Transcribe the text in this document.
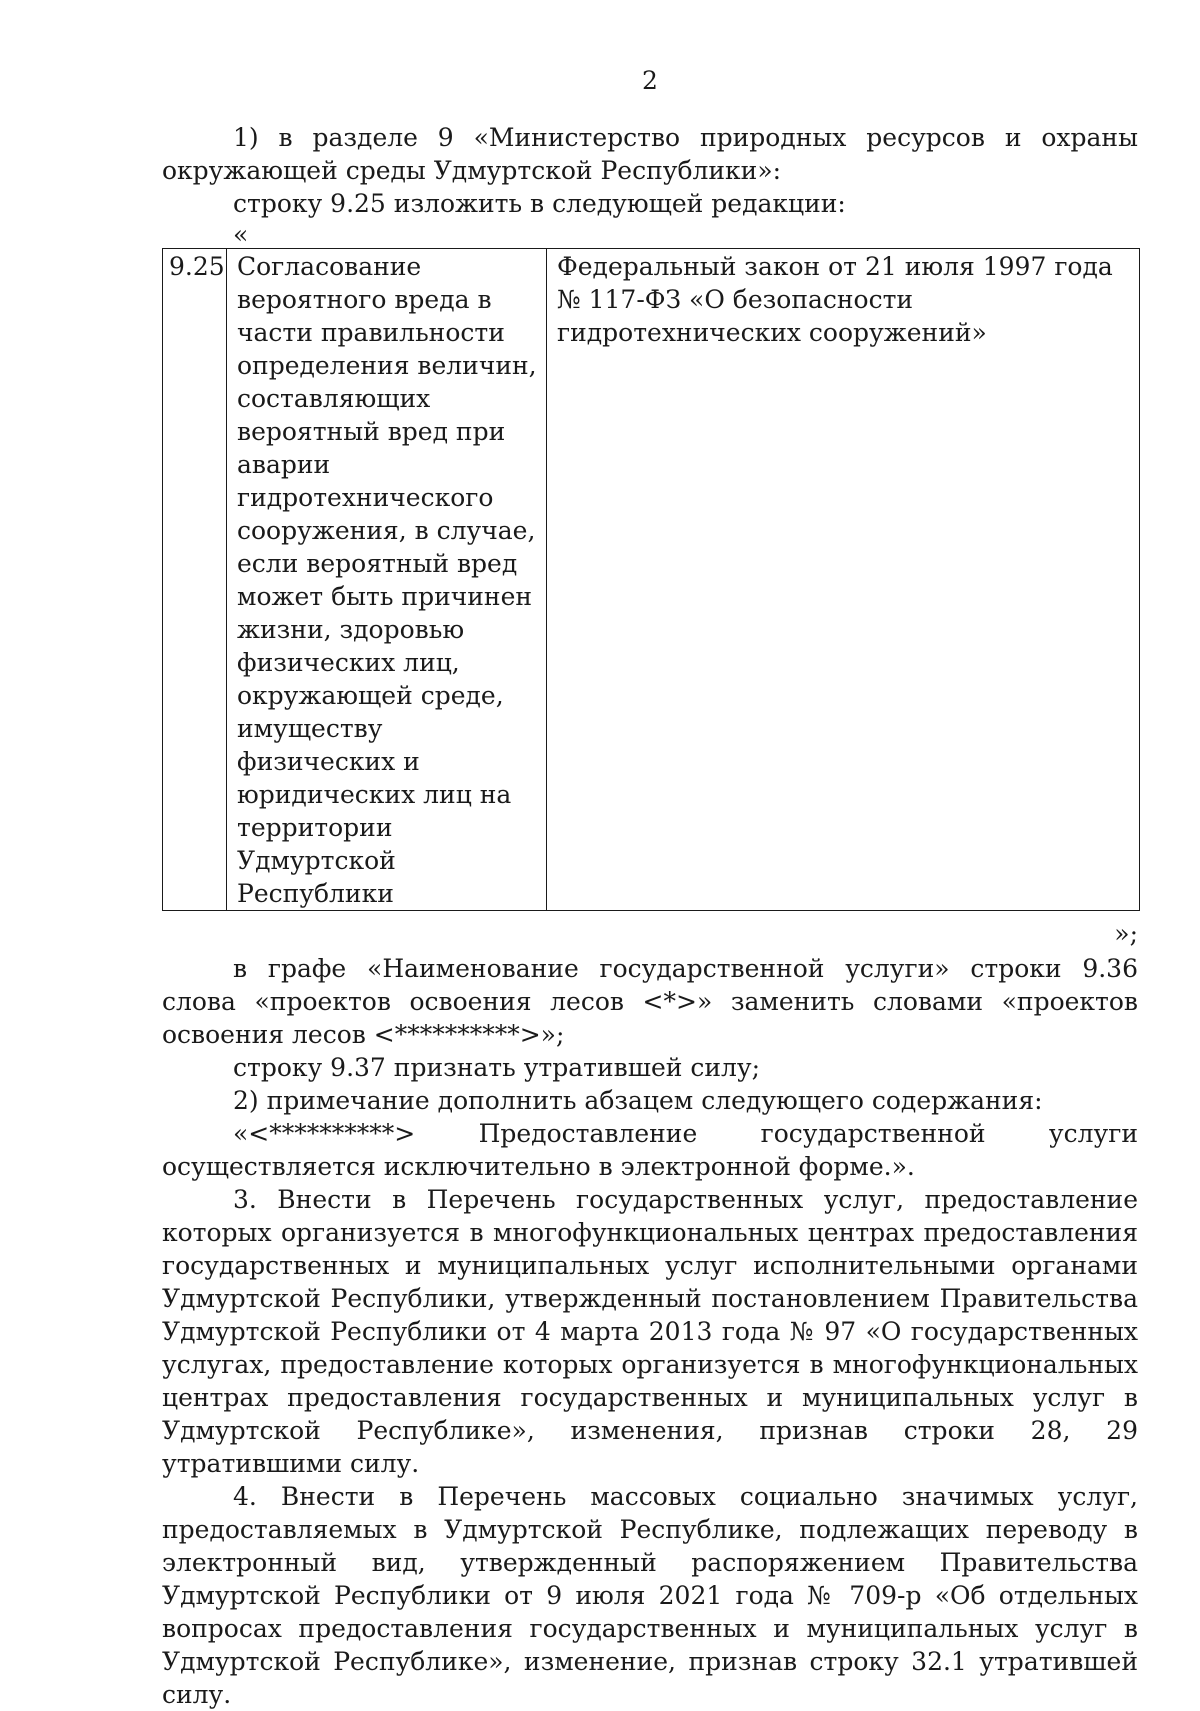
2

1) в разделе 9 «Министерство природных ресурсов и охраны окружающей среды Удмуртской Республики»:

строку 9.25 изложить в следующей редакции:

«
9.25	Согласование вероятного вреда в части правильности определения величин, составляющих вероятный вред при аварии гидротехнического сооружения, в случае, если вероятный вред может быть причинен жизни, здоровью физических лиц, окружающей среде, имуществу физических и юридических лиц на территории Удмуртской Республики	Федеральный закон от 21 июля 1997 года № 117-ФЗ «О безопасности гидротехнических сооружений»
»;

в графе «Наименование государственной услуги» строки 9.36 слова «проектов освоения лесов <*>» заменить словами «проектов освоения лесов <**********>»;

строку 9.37 признать утратившей силу;

2) примечание дополнить абзацем следующего содержания:

«<**********> Предоставление государственной услуги осуществляется исключительно в электронной форме.».

3. Внести в Перечень государственных услуг, предоставление которых организуется в многофункциональных центрах предоставления государственных и муниципальных услуг исполнительными органами Удмуртской Республики, утвержденный постановлением Правительства Удмуртской Республики от 4 марта 2013 года № 97 «О государственных услугах, предоставление которых организуется в многофункциональных центрах предоставления государственных и муниципальных услуг в Удмуртской Республике», изменения, признав строки 28, 29 утратившими силу.

4. Внести в Перечень массовых социально значимых услуг, предоставляемых в Удмуртской Республике, подлежащих переводу в электронный вид, утвержденный распоряжением Правительства Удмуртской Республики от 9 июля 2021 года № 709-р «Об отдельных вопросах предоставления государственных и муниципальных услуг в Удмуртской Республике», изменение, признав строку 32.1 утратившей силу.
